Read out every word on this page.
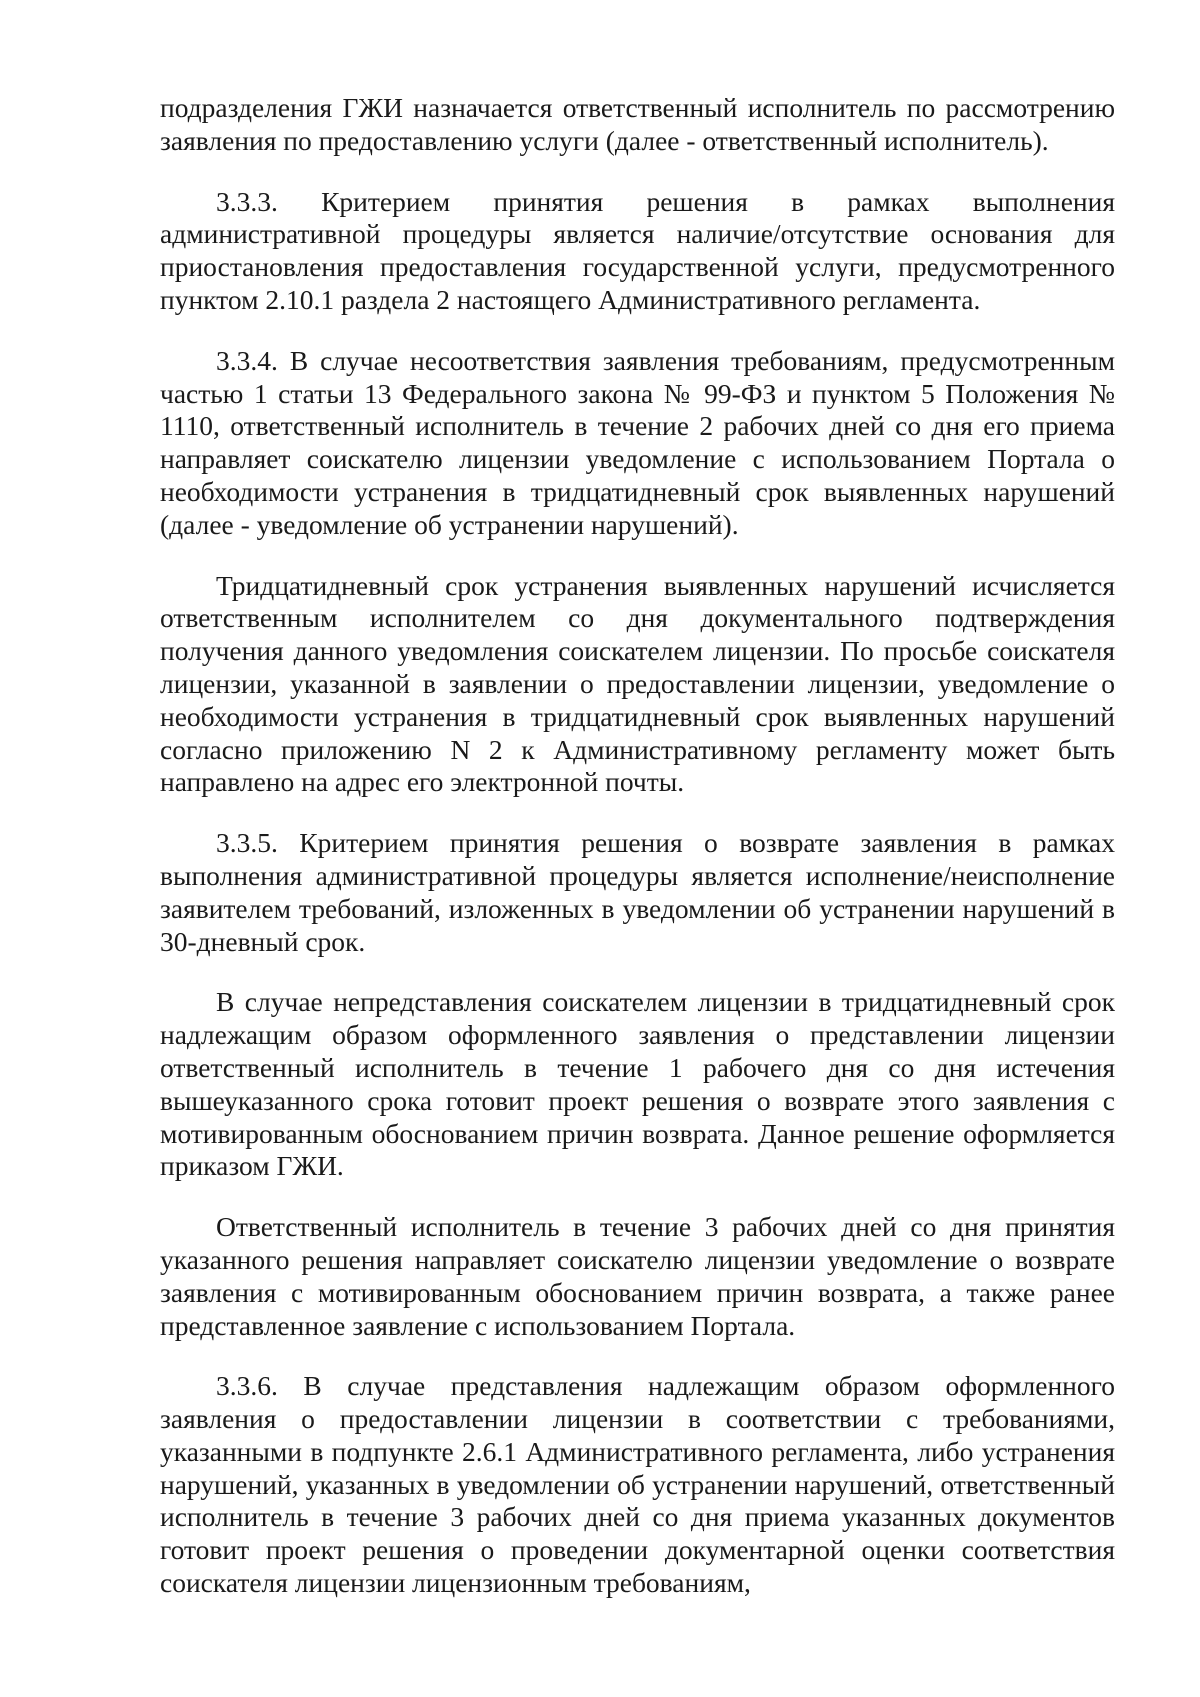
подразделения ГЖИ назначается ответственный исполнитель по рассмотрению заявления по предоставлению услуги (далее - ответственный исполнитель).

3.3.3. Критерием принятия решения в рамках выполнения административной процедуры является наличие/отсутствие основания для приостановления предоставления государственной услуги, предусмотренного пунктом 2.10.1 раздела 2 настоящего Административного регламента.

3.3.4. В случае несоответствия заявления требованиям, предусмотренным частью 1 статьи 13 Федерального закона № 99-ФЗ и пунктом 5 Положения № 1110, ответственный исполнитель в течение 2 рабочих дней со дня его приема направляет соискателю лицензии уведомление с использованием Портала о необходимости устранения в тридцатидневный срок выявленных нарушений (далее - уведомление об устранении нарушений).

Тридцатидневный срок устранения выявленных нарушений исчисляется ответственным исполнителем со дня документального подтверждения получения данного уведомления соискателем лицензии. По просьбе соискателя лицензии, указанной в заявлении о предоставлении лицензии, уведомление о необходимости устранения в тридцатидневный срок выявленных нарушений согласно приложению N 2 к Административному регламенту может быть направлено на адрес его электронной почты.

3.3.5. Критерием принятия решения о возврате заявления в рамках выполнения административной процедуры является исполнение/неисполнение заявителем требований, изложенных в уведомлении об устранении нарушений в 30-дневный срок.

В случае непредставления соискателем лицензии в тридцатидневный срок надлежащим образом оформленного заявления о представлении лицензии ответственный исполнитель в течение 1 рабочего дня со дня истечения вышеуказанного срока готовит проект решения о возврате этого заявления с мотивированным обоснованием причин возврата. Данное решение оформляется приказом ГЖИ.

Ответственный исполнитель в течение 3 рабочих дней со дня принятия указанного решения направляет соискателю лицензии уведомление о возврате заявления с мотивированным обоснованием причин возврата, а также ранее представленное заявление с использованием Портала.

3.3.6. В случае представления надлежащим образом оформленного заявления о предоставлении лицензии в соответствии с требованиями, указанными в подпункте 2.6.1 Административного регламента, либо устранения нарушений, указанных в уведомлении об устранении нарушений, ответственный исполнитель в течение 3 рабочих дней со дня приема указанных документов готовит проект решения о проведении документарной оценки соответствия соискателя лицензии лицензионным требованиям,
